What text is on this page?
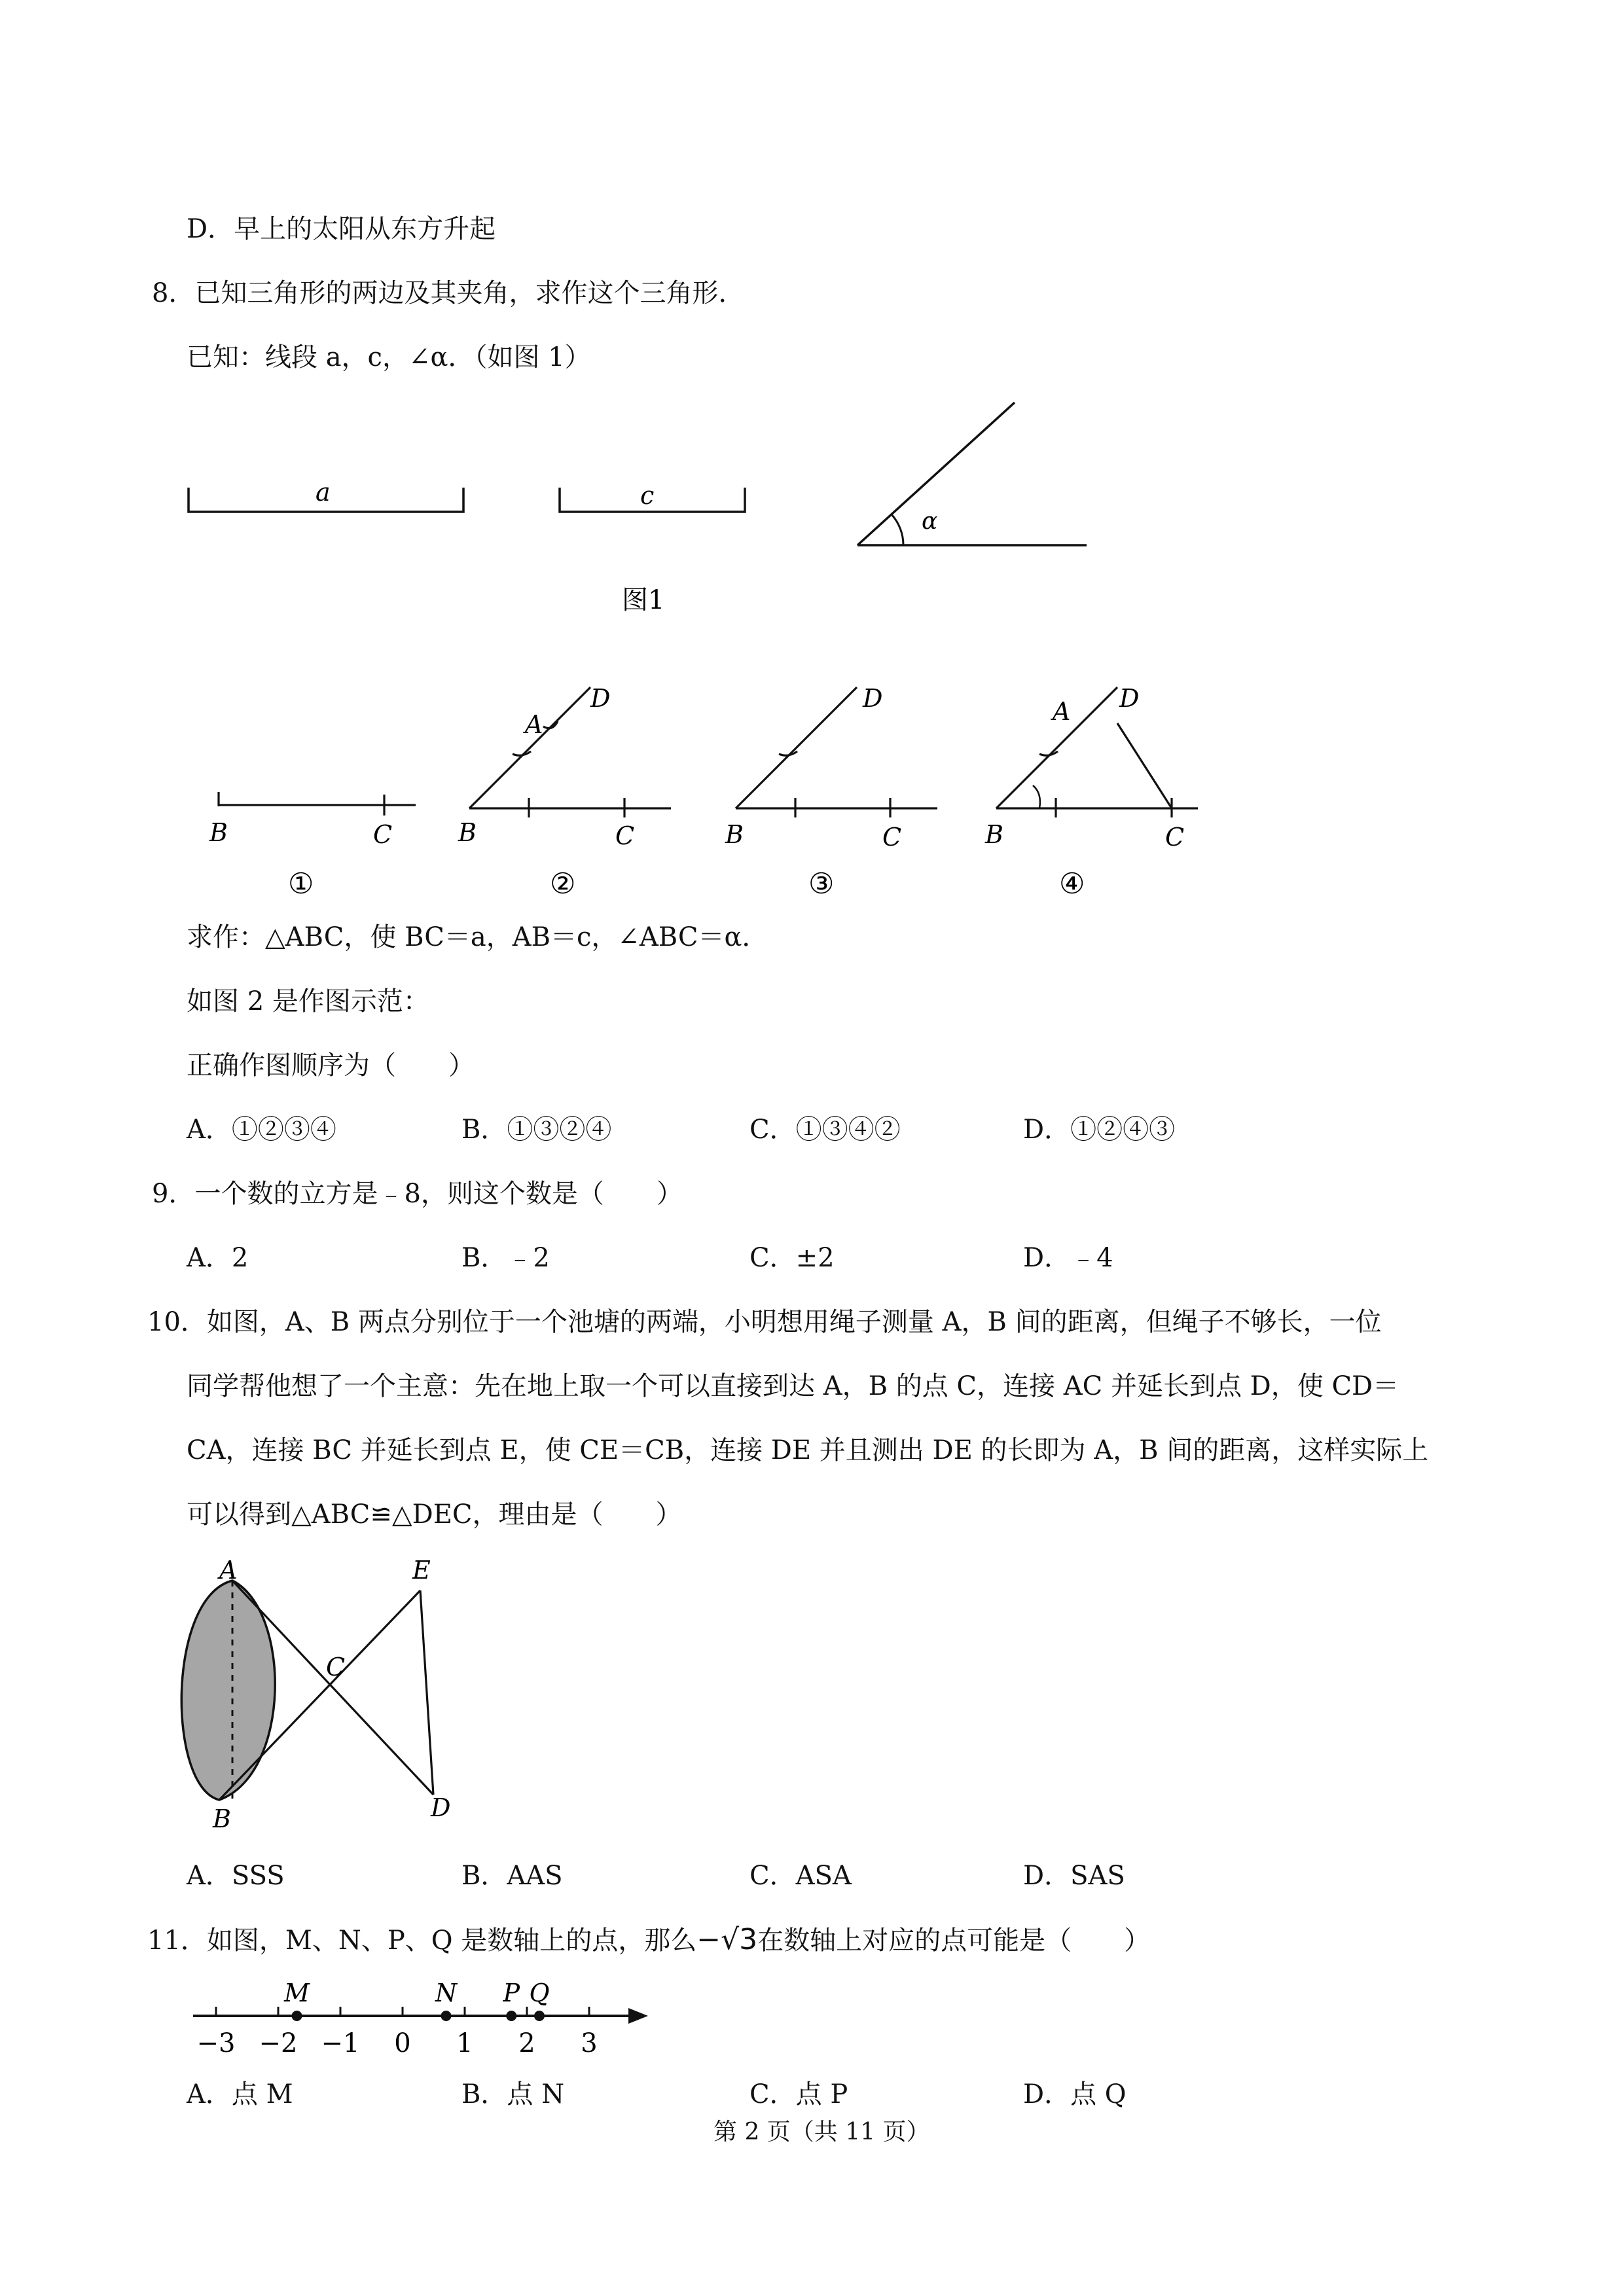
D．早上的太阳从东方升起
8．已知三角形的两边及其夹角，求作这个三角形．
已知：线段 a，c，∠α．（如图 1）
a	c
α
图1
B	C	B	C
A
D
B	C
D
B	C
A D
①	②	③	④
求作：△ABC，使 BC＝a，AB＝c，∠ABC＝α．
如图 2 是作图示范：
正确作图顺序为（　　）
A．①②③④	B．①③②④	C．①③④②	D．①②④③
9．一个数的立方是﹣8，则这个数是（　　）
A．2	B．﹣2	C．±2	D．﹣4
10．如图，A、B 两点分别位于一个池塘的两端，小明想用绳子测量 A，B 间的距离，但绳子不够长，一位
同学帮他想了一个主意：先在地上取一个可以直接到达 A，B 的点 C，连接 AC 并延长到点 D，使 CD＝
CA，连接 BC 并延长到点 E，使 CE＝CB，连接 DE 并且测出 DE 的长即为 A，B 间的距离，这样实际上
可以得到△ABC≌△DEC，理由是（　　）
A
B
C
D
E
A．SSS	B．AAS	C．ASA	D．SAS
11．如图，M、N、P、Q 是数轴上的点，那么−√3在数轴上对应的点可能是（　　）
−3 −2 −1 0 1 2 3
M	N P Q
A．点 M	B．点 N	C．点 P	D．点 Q
第 2 页（共 11 页）
